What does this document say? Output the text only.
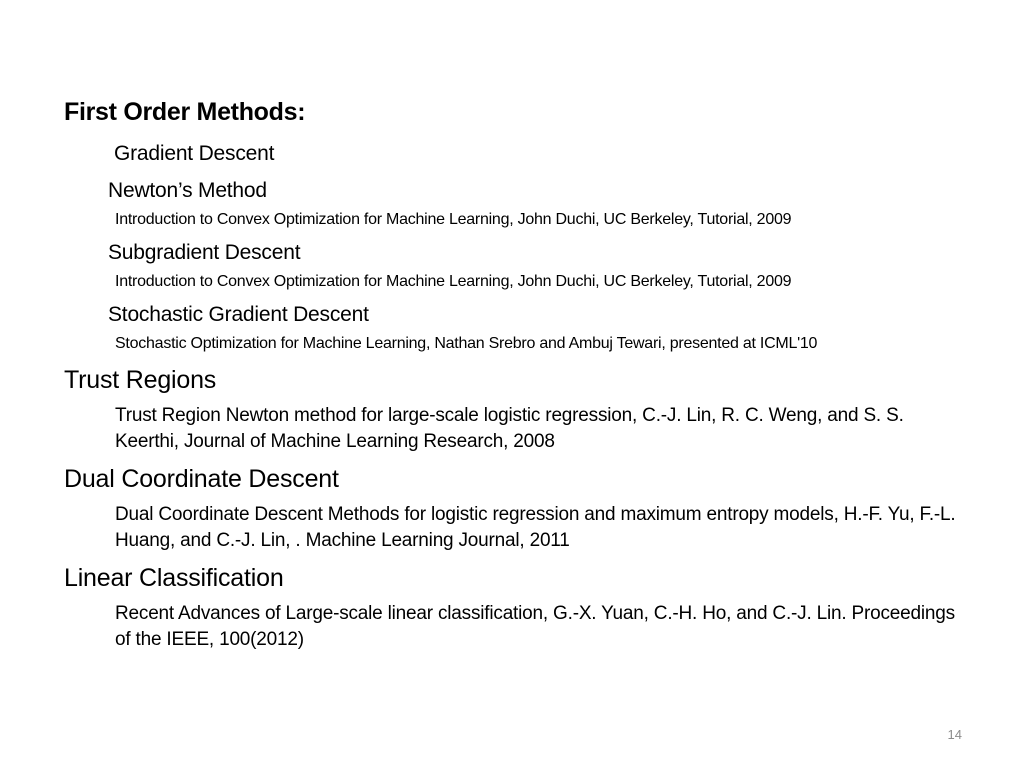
First Order Methods:
Gradient Descent
Newton’s Method
Introduction to Convex Optimization for Machine Learning, John Duchi, UC Berkeley, Tutorial, 2009
Subgradient Descent
Introduction to Convex Optimization for Machine Learning, John Duchi, UC Berkeley, Tutorial, 2009
Stochastic Gradient Descent
Stochastic Optimization for Machine Learning, Nathan Srebro and Ambuj Tewari, presented at ICML'10
Trust Regions
Trust Region Newton method for large-scale logistic regression, C.-J. Lin, R. C. Weng, and S. S. Keerthi, Journal of Machine Learning Research, 2008
Dual Coordinate Descent
Dual Coordinate Descent Methods for logistic regression and maximum entropy models, H.-F. Yu, F.-L. Huang, and C.-J. Lin, . Machine Learning Journal, 2011
Linear Classification
Recent Advances of Large-scale linear classification, G.-X. Yuan, C.-H. Ho, and C.-J. Lin. Proceedings of the IEEE, 100(2012)
14
